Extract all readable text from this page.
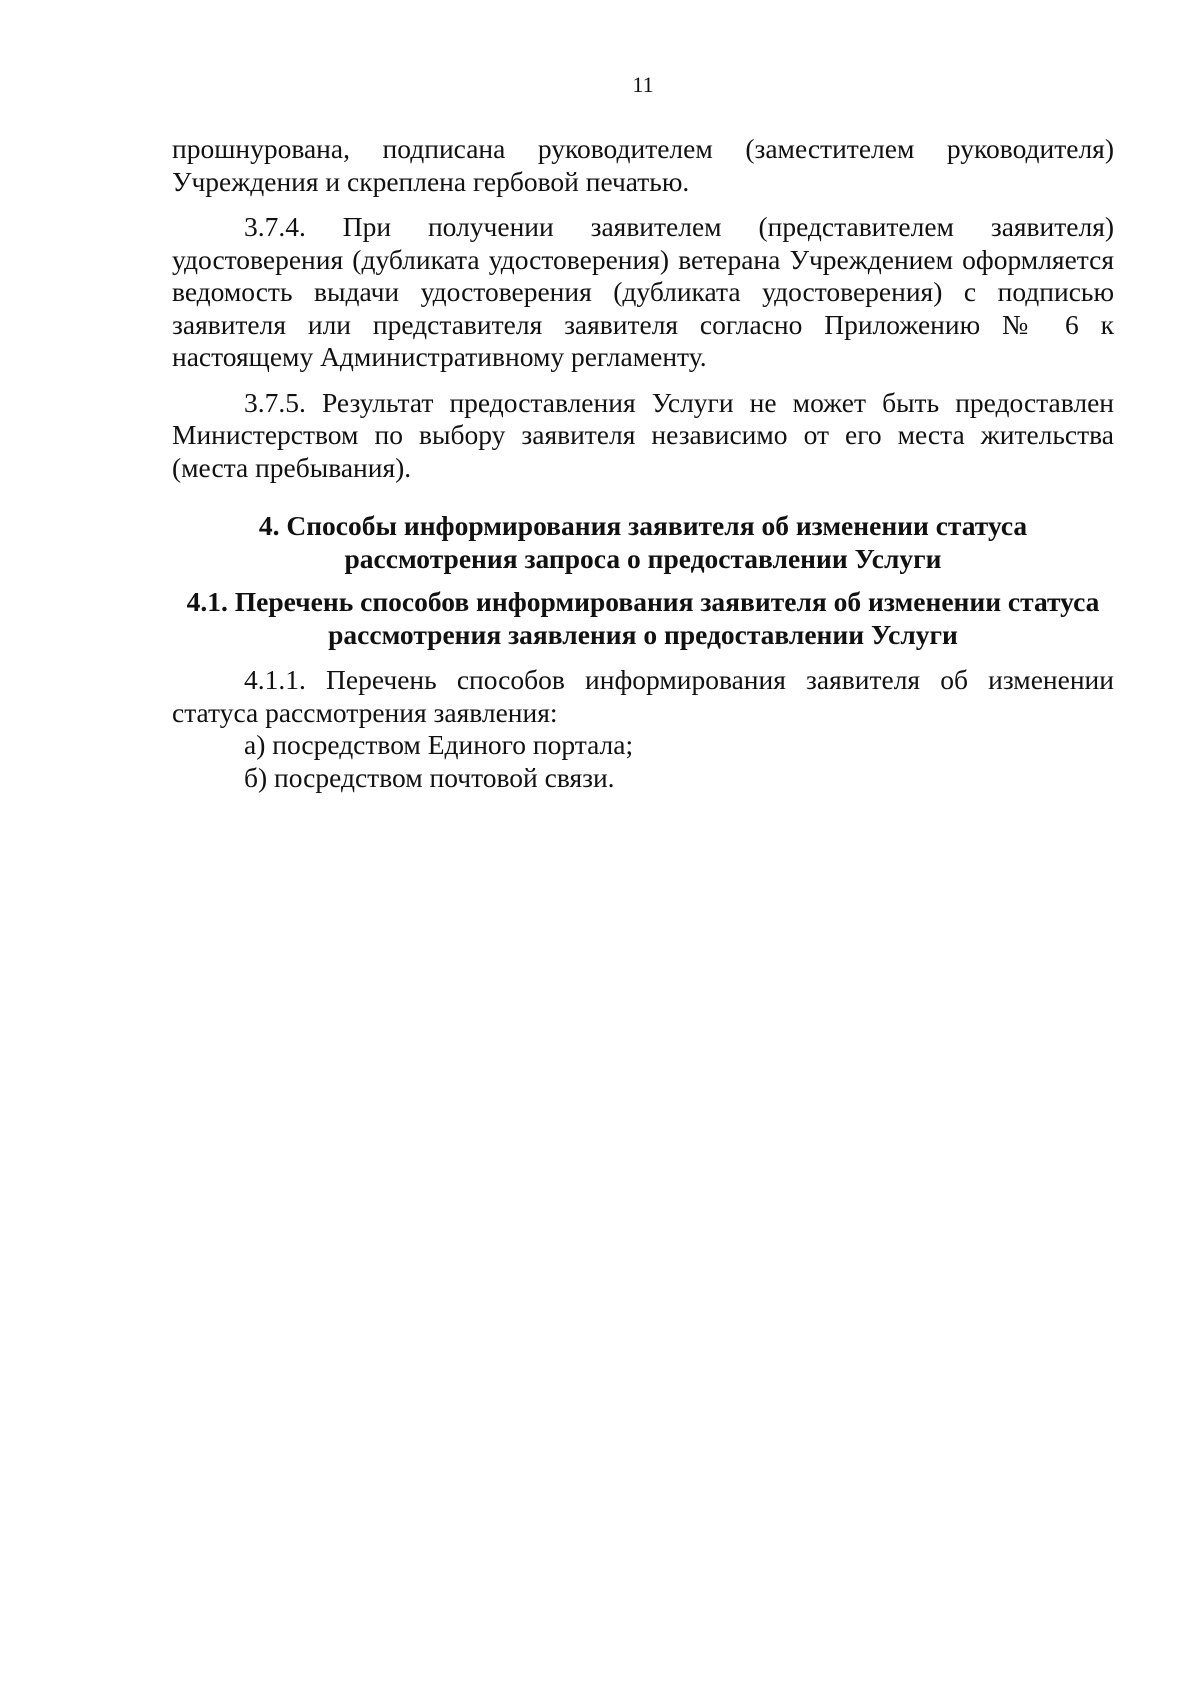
11

прошнурована, подписана руководителем (заместителем руководителя) Учреждения и скреплена гербовой печатью.

3.7.4. При получении заявителем (представителем заявителя) удостоверения (дубликата удостоверения) ветерана Учреждением оформляется ведомость выдачи удостоверения (дубликата удостоверения) с подписью заявителя или представителя заявителя согласно Приложению № 6 к настоящему Административному регламенту.

3.7.5. Результат предоставления Услуги не может быть предоставлен Министерством по выбору заявителя независимо от его места жительства (места пребывания).

4. Способы информирования заявителя об изменении статуса рассмотрения запроса о предоставлении Услуги
4.1. Перечень способов информирования заявителя об изменении статуса рассмотрения заявления о предоставлении Услуги

4.1.1. Перечень способов информирования заявителя об изменении статуса рассмотрения заявления:

а) посредством Единого портала;

б) посредством почтовой связи.
